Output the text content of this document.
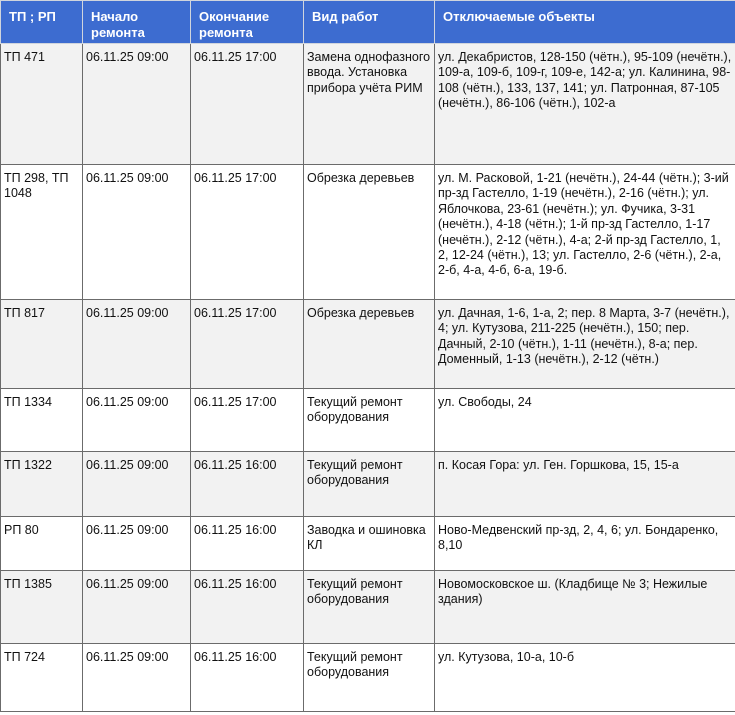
ТП ; РП	Начало ремонта	Окончание ремонта	Вид работ	Отключаемые объекты
ТП 471	06.11.25 09:00	06.11.25 17:00	Замена однофазного ввода. Установка прибора учёта РИМ	ул. Декабристов, 128-150 (чётн.), 95-109 (нечётн.), 109-а, 109-б, 109-г, 109-е, 142-а; ул. Калинина, 98-108 (чётн.), 133, 137, 141; ул. Патронная, 87-105 (нечётн.), 86-106 (чётн.), 102-а
ТП 298, ТП 1048	06.11.25 09:00	06.11.25 17:00	Обрезка деревьев	ул. М. Расковой, 1-21 (нечётн.), 24-44 (чётн.); 3-ий пр-зд Гастелло, 1-19 (нечётн.), 2-16 (чётн.); ул. Яблочкова, 23-61 (нечётн.); ул. Фучика, 3-31 (нечётн.), 4-18 (чётн.); 1-й пр-зд Гастелло, 1-17 (нечётн.), 2-12 (чётн.), 4-а; 2-й пр-зд Гастелло, 1, 2, 12-24 (чётн.), 13; ул. Гастелло, 2-6 (чётн.), 2-а, 2-б, 4-а, 4-б, 6-а, 19-б.
ТП 817	06.11.25 09:00	06.11.25 17:00	Обрезка деревьев	ул. Дачная, 1-6, 1-а, 2; пер. 8 Марта, 3-7 (нечётн.), 4; ул. Кутузова, 211-225 (нечётн.), 150; пер. Дачный, 2-10 (чётн.), 1-11 (нечётн.), 8-а; пер. Доменный, 1-13 (нечётн.), 2-12 (чётн.)
ТП 1334	06.11.25 09:00	06.11.25 17:00	Текущий ремонт оборудования	ул. Свободы, 24
ТП 1322	06.11.25 09:00	06.11.25 16:00	Текущий ремонт оборудования	п. Косая Гора: ул. Ген. Горшкова, 15, 15-а
РП 80	06.11.25 09:00	06.11.25 16:00	Заводка и ошиновка КЛ	Ново-Медвенский пр-зд, 2, 4, 6; ул. Бондаренко, 8,10
ТП 1385	06.11.25 09:00	06.11.25 16:00	Текущий ремонт оборудования	Новомосковское ш. (Кладбище № 3; Нежилые здания)
ТП 724	06.11.25 09:00	06.11.25 16:00	Текущий ремонт оборудования	ул. Кутузова, 10-а, 10-б
